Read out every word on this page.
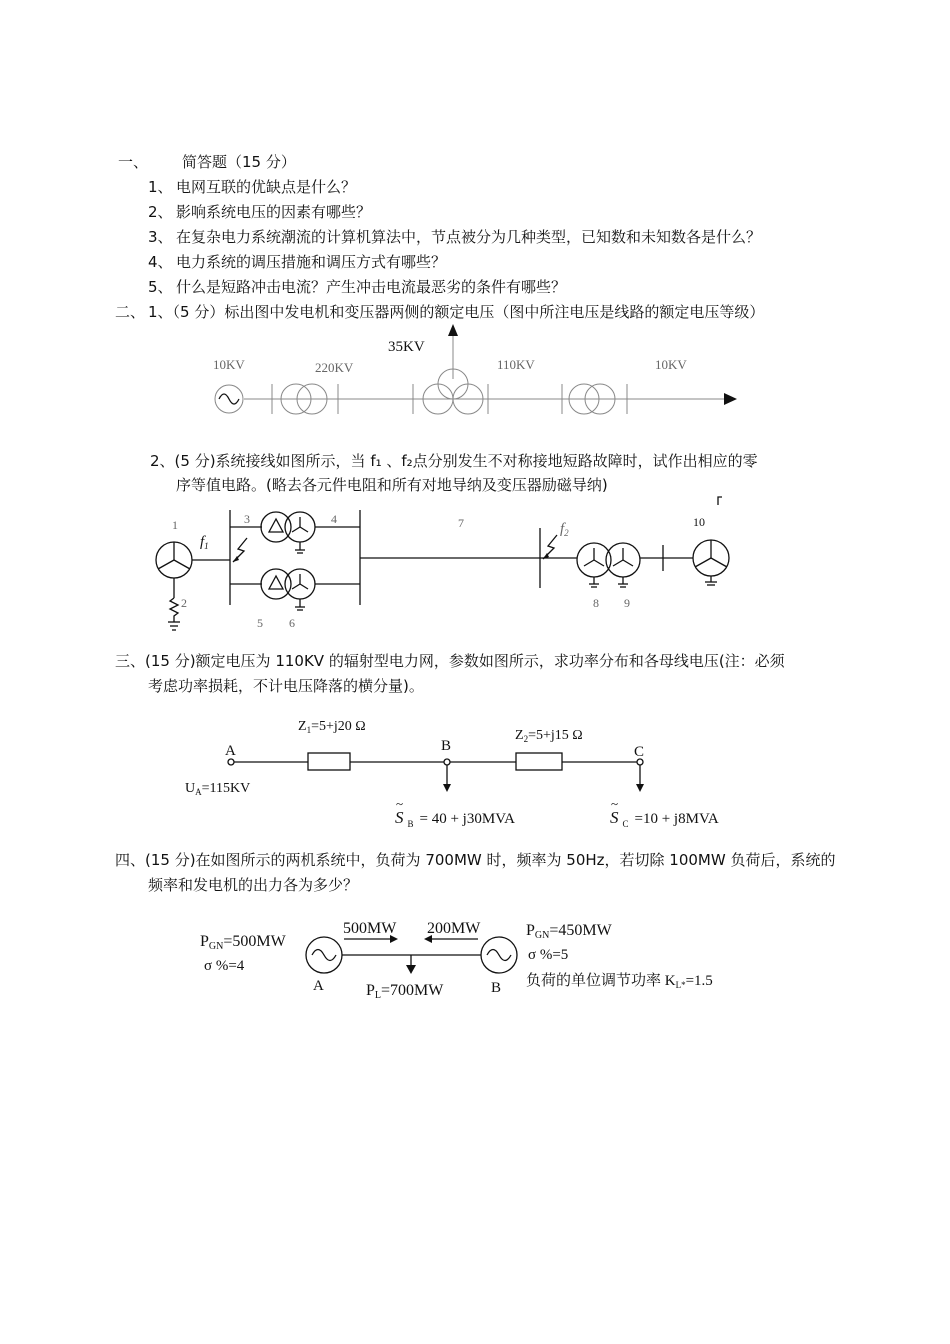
一、 简答题（15 分）
1、 电网互联的优缺点是什么？
2、 影响系统电压的因素有哪些？
3、 在复杂电力系统潮流的计算机算法中，节点被分为几种类型，已知数和未知数各是什么？
4、 电力系统的调压措施和调压方式有哪些？
5、 什么是短路冲击电流？产生冲击电流最恶劣的条件有哪些？
二、 1、（5 分）标出图中发电机和变压器两侧的额定电压（图中所注电压是线路的额定电压等级）
10KV	220KV
35KV
110KV	10KV
2、(5 分)系统接线如图所示，当 f₁ 、f₂点分别发生不对称接地短路故障时，试作出相应的零
序等值电路。(略去各元件电阻和所有对地导纳及变压器励磁导纳)
1
2
3	4
5 6
7
8 9
10
$f_1$
$f_2$
三、(15 分)额定电压为 110KV 的辐射型电力网，参数如图所示，求功率分布和各母线电压(注：必须
考虑功率损耗，不计电压降落的横分量)。
A	B	C
$Z_1=5+j20$ Ω
$Z_2=5+j15$ Ω
$U_A=115KV$
S $_B$ = 40 + j30MVA
~
S $_C$ =10 + j8MVA
~
四、(15 分)在如图所示的两机系统中，负荷为 700MW 时，频率为 50Hz，若切除 100MW 负荷后，系统的
频率和发电机的出力各为多少？
PGN=500MW
σ %=4
500MW 200MW	PGN=450MW
σ %=5
负荷的单位调节功率 $K_{L*}=1.5$
A	B
PL=700MW
